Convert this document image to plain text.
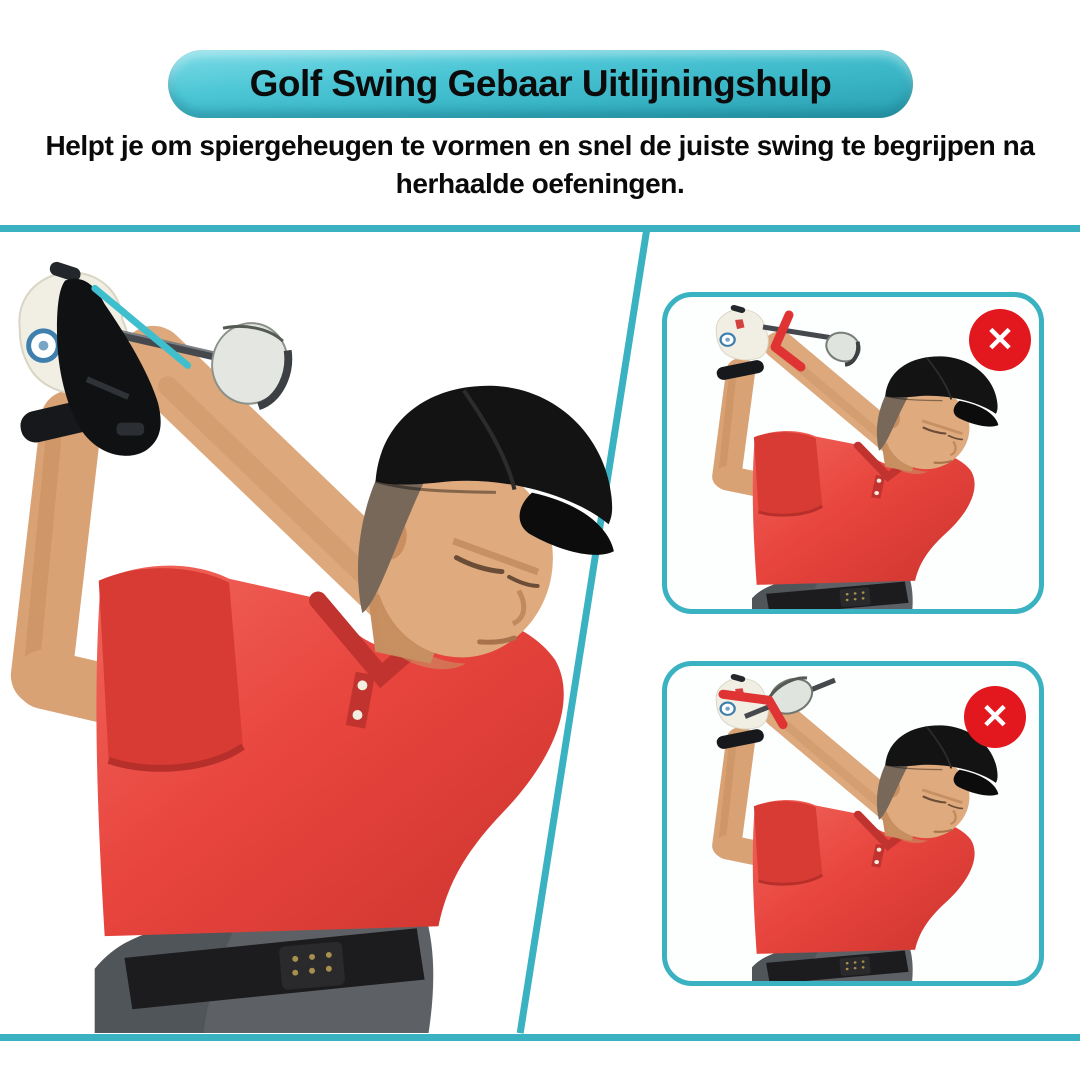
Golf Swing Gebaar Uitlijningshulp
Helpt je om spiergeheugen te vormen en snel de juiste swing te begrijpen na
herhaalde oefeningen.
✕
✕
